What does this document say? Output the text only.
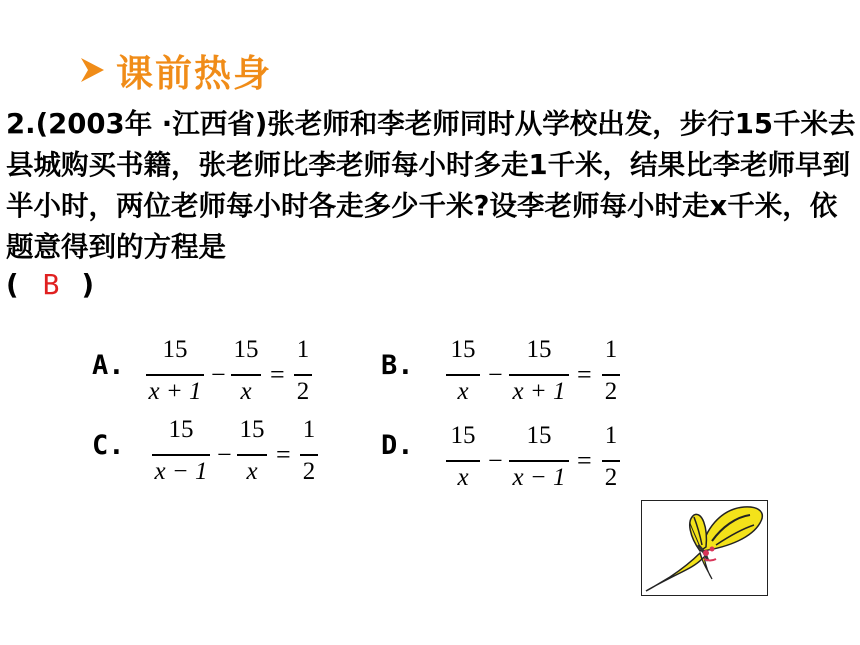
课前热身
2.(2003年 ·江西省)张老师和李老师同时从学校出发，步行15千米去县城购买书籍，张老师比李老师每小时多走1千米，结果比李老师早到半小时，两位老师每小时各走多少千米?设李老师每小时走x千米，依题意得到的方程是
( B )
A.
15
x + 1
−
15
x
=
1
2
B.
15
x
−
15
x + 1
=
1
2
C.
15
x − 1
−
15
x
=
1
2
D. 15
x
−
15
x − 1
=
1
2
